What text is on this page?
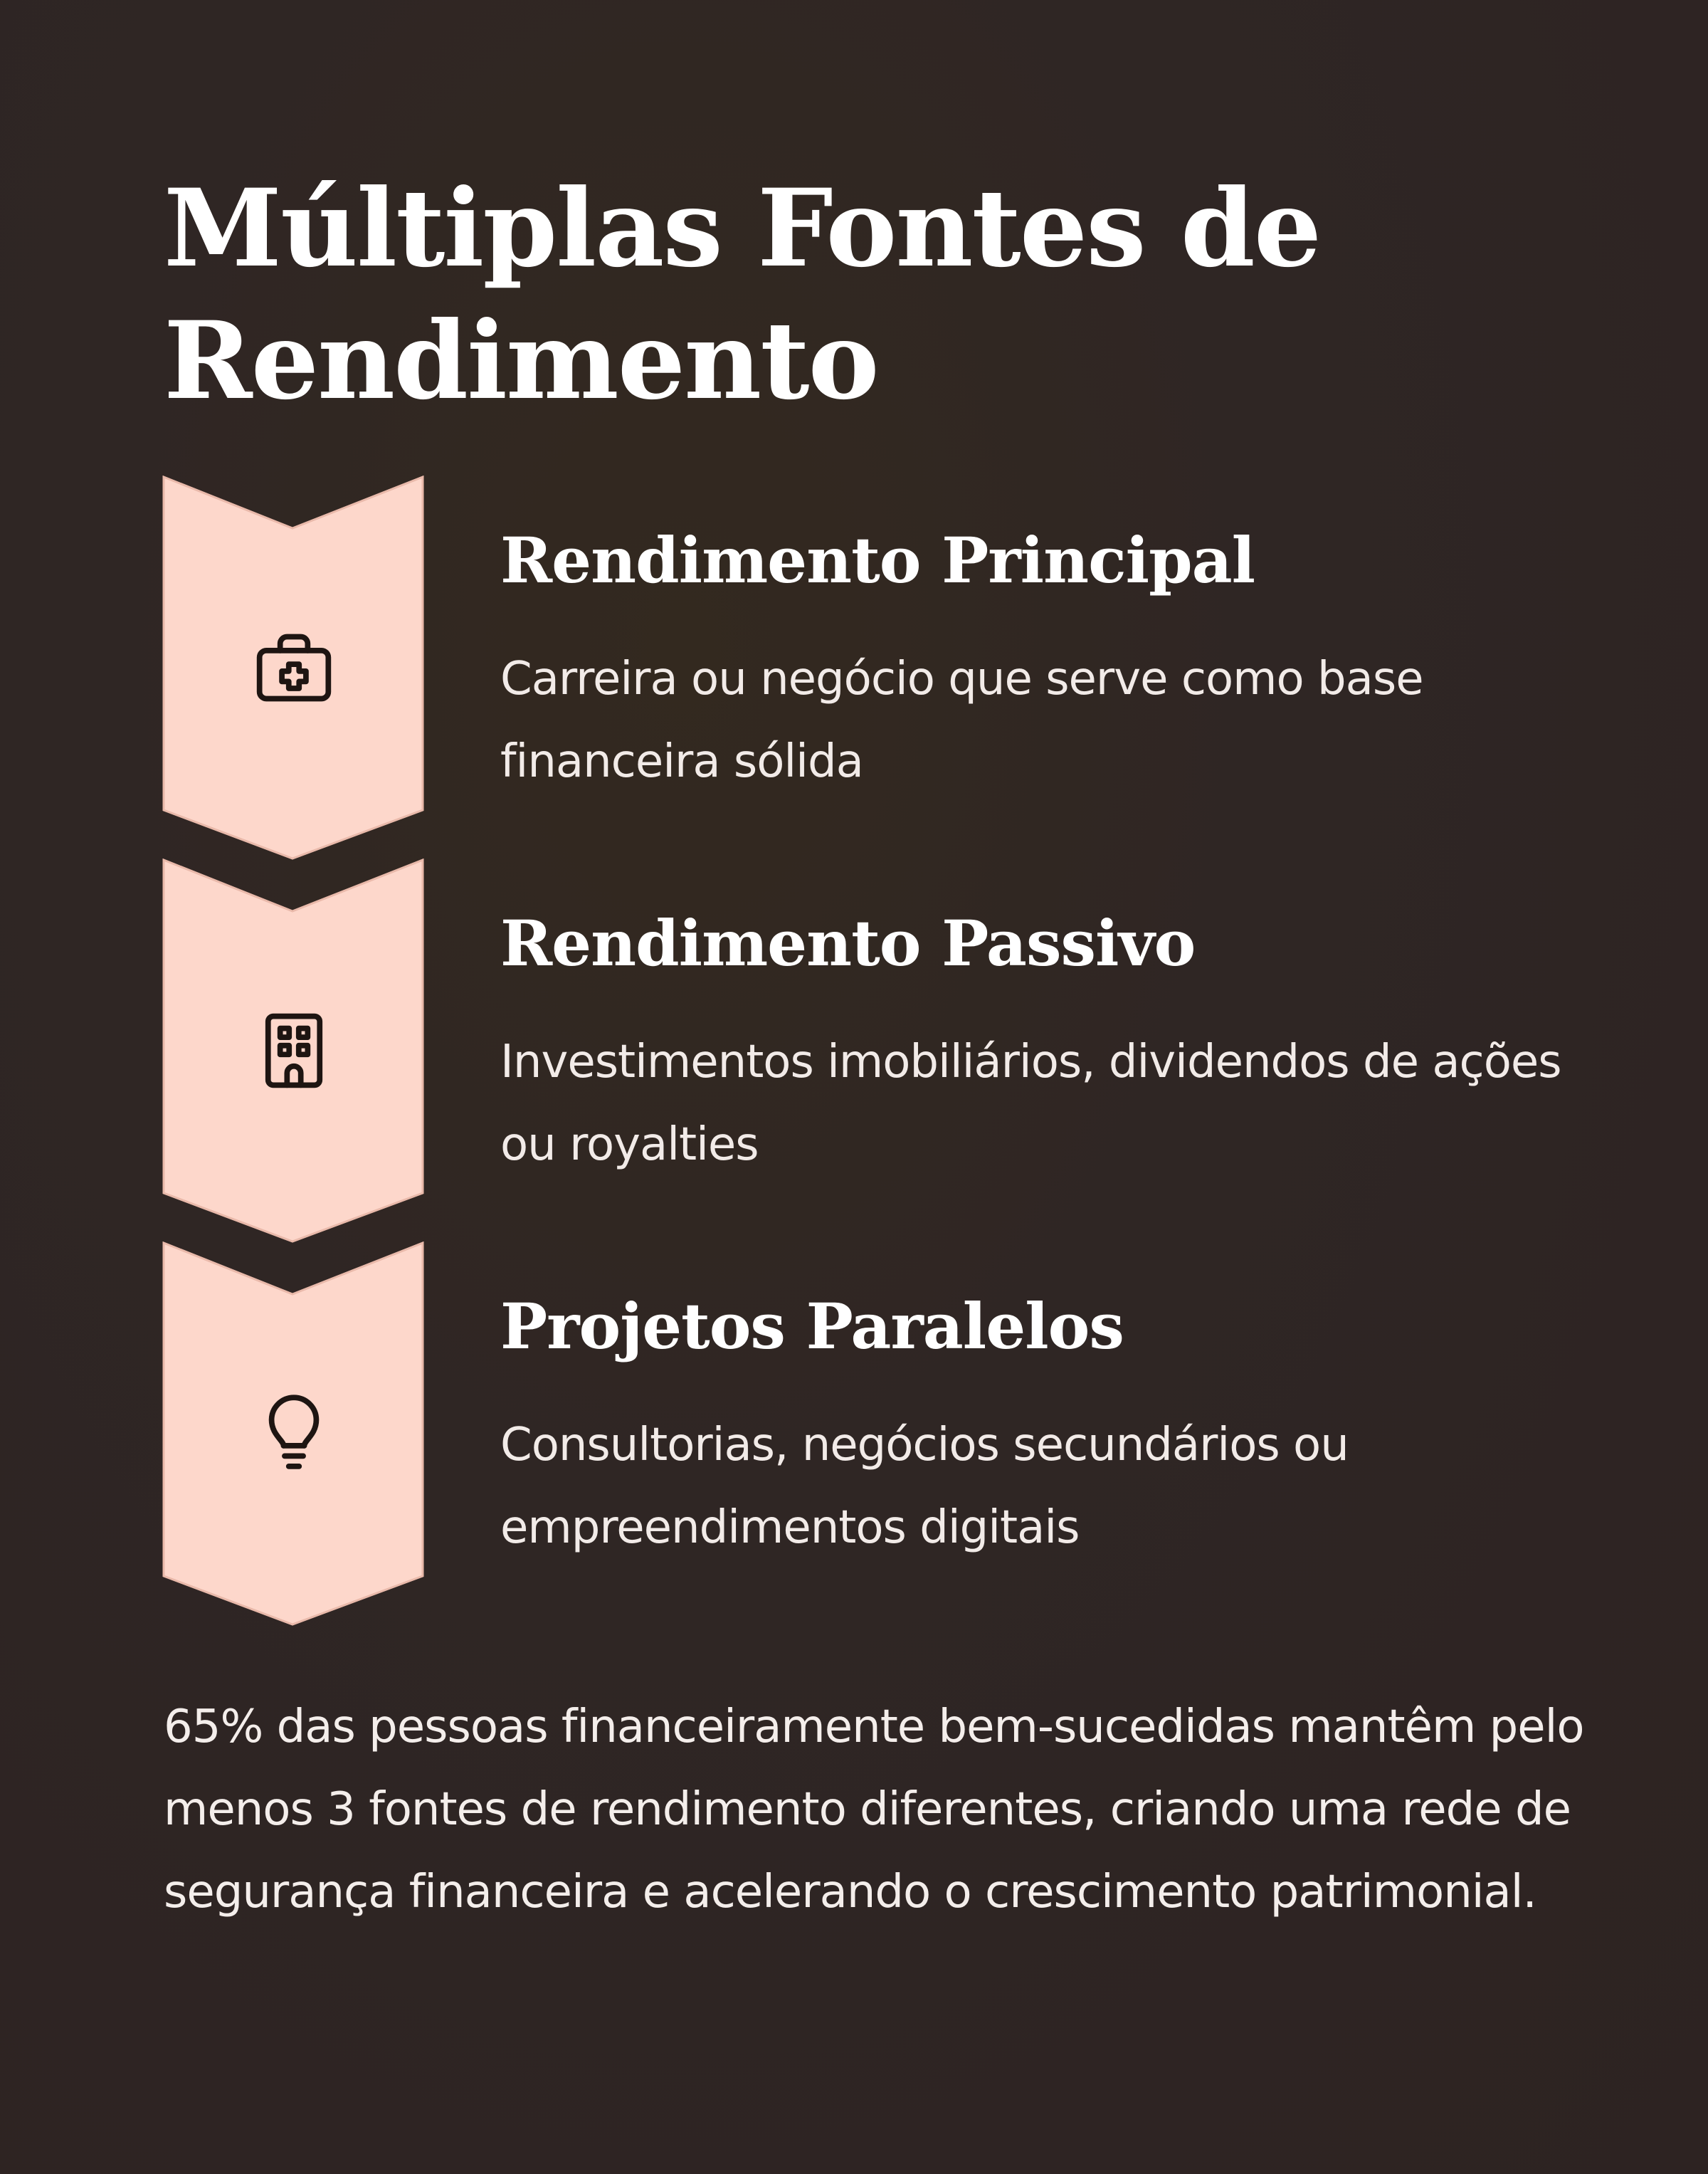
Múltiplas Fontes de Rendimento
Rendimento Principal

Carreira ou negócio que serve como base financeira sólida

Rendimento Passivo

Investimentos imobiliários, dividendos de ações ou royalties

Projetos Paralelos

Consultorias, negócios secundários ou empreendimentos digitais

65% das pessoas financeiramente bem-sucedidas mantêm pelo menos 3 fontes de rendimento diferentes, criando uma rede de segurança financeira e acelerando o crescimento patrimonial.
